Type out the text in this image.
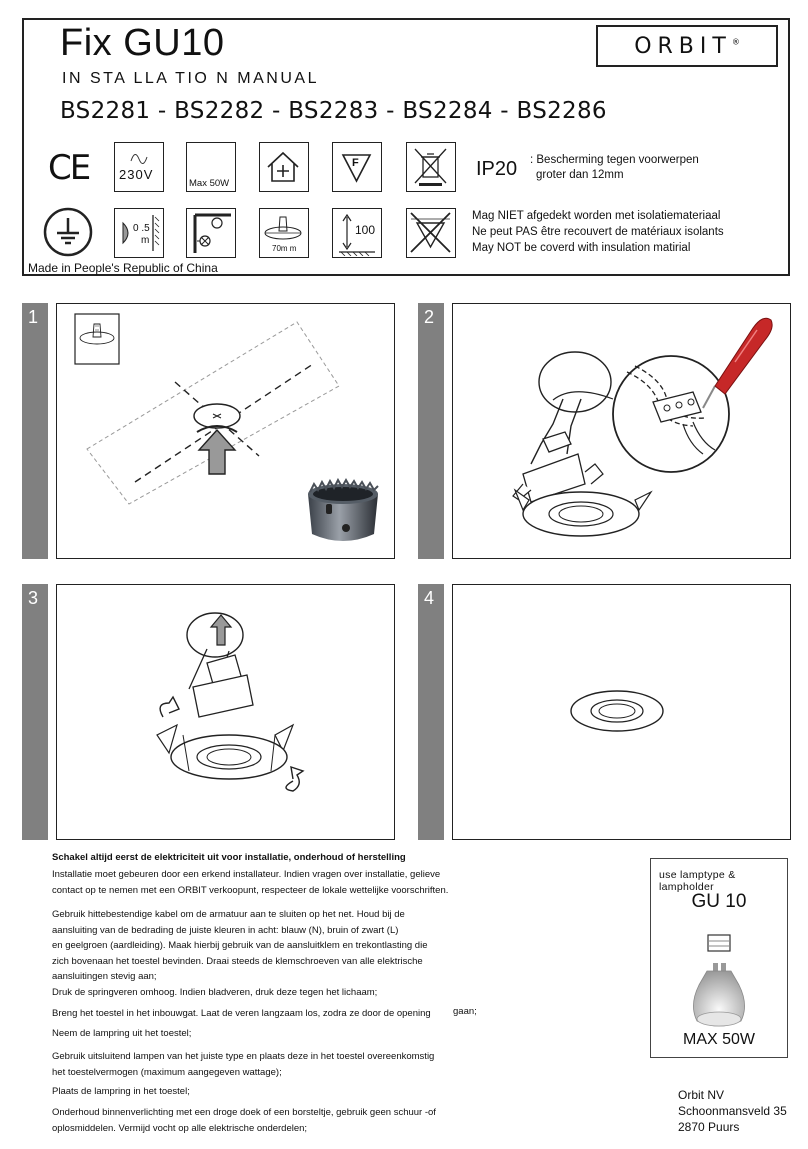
Fix GU10
IN STA LLA TIO N MANUAL
BS2281 - BS2282 - BS2283 - BS2284 - BS2286
ORBIT®
CE	230V
Max 50W
F	IP20 : Bescherming tegen voorwerpen
groter dan 12mm
0 .5
m
70m m
100
Mag NIET afgedekt worden met isolatiemateriaal
Ne peut PAS être recouvert de matériaux isolants
May NOT be coverd with insulation matirial
Made in People's Republic of China
1	2
3	4
Schakel altijd eerst de elektriciteit uit voor installatie, onderhoud of herstelling
Installatie moet gebeuren door een erkend installateur. Indien vragen over installatie, gelieve
contact op te nemen met een ORBIT verkoopunt, respecteer de lokale wettelijke voorschriften.
Gebruik hittebestendige kabel om de armatuur aan te sluiten op het net. Houd bij de
aansluiting van de bedrading de juiste kleuren in acht: blauw (N), bruin of zwart (L)
en geelgroen (aardleiding). Maak hierbij gebruik van de aansluitklem en trekontlasting die
zich bovenaan het toestel bevinden. Draai steeds de klemschroeven van alle elektrische
aansluitingen stevig aan;
Druk de springveren omhoog. Indien bladveren, druk deze tegen het lichaam;
Breng het toestel in het inbouwgat. Laat de veren langzaam los, zodra ze door de opening gaan;
Neem de lampring uit het toestel;
Gebruik uitsluitend lampen van het juiste type en plaats deze in het toestel overeenkomstig
het toestelvermogen (maximum aangegeven wattage);
Plaats de lampring in het toestel;
Onderhoud binnenverlichting met een droge doek of een borsteltje, gebruik geen schuur -of
oplosmiddelen. Vermijd vocht op alle elektrische onderdelen;
use lamptype & lampholder
GU 10
MAX 50W
Orbit NV
Schoonmansveld 35
2870 Puurs
